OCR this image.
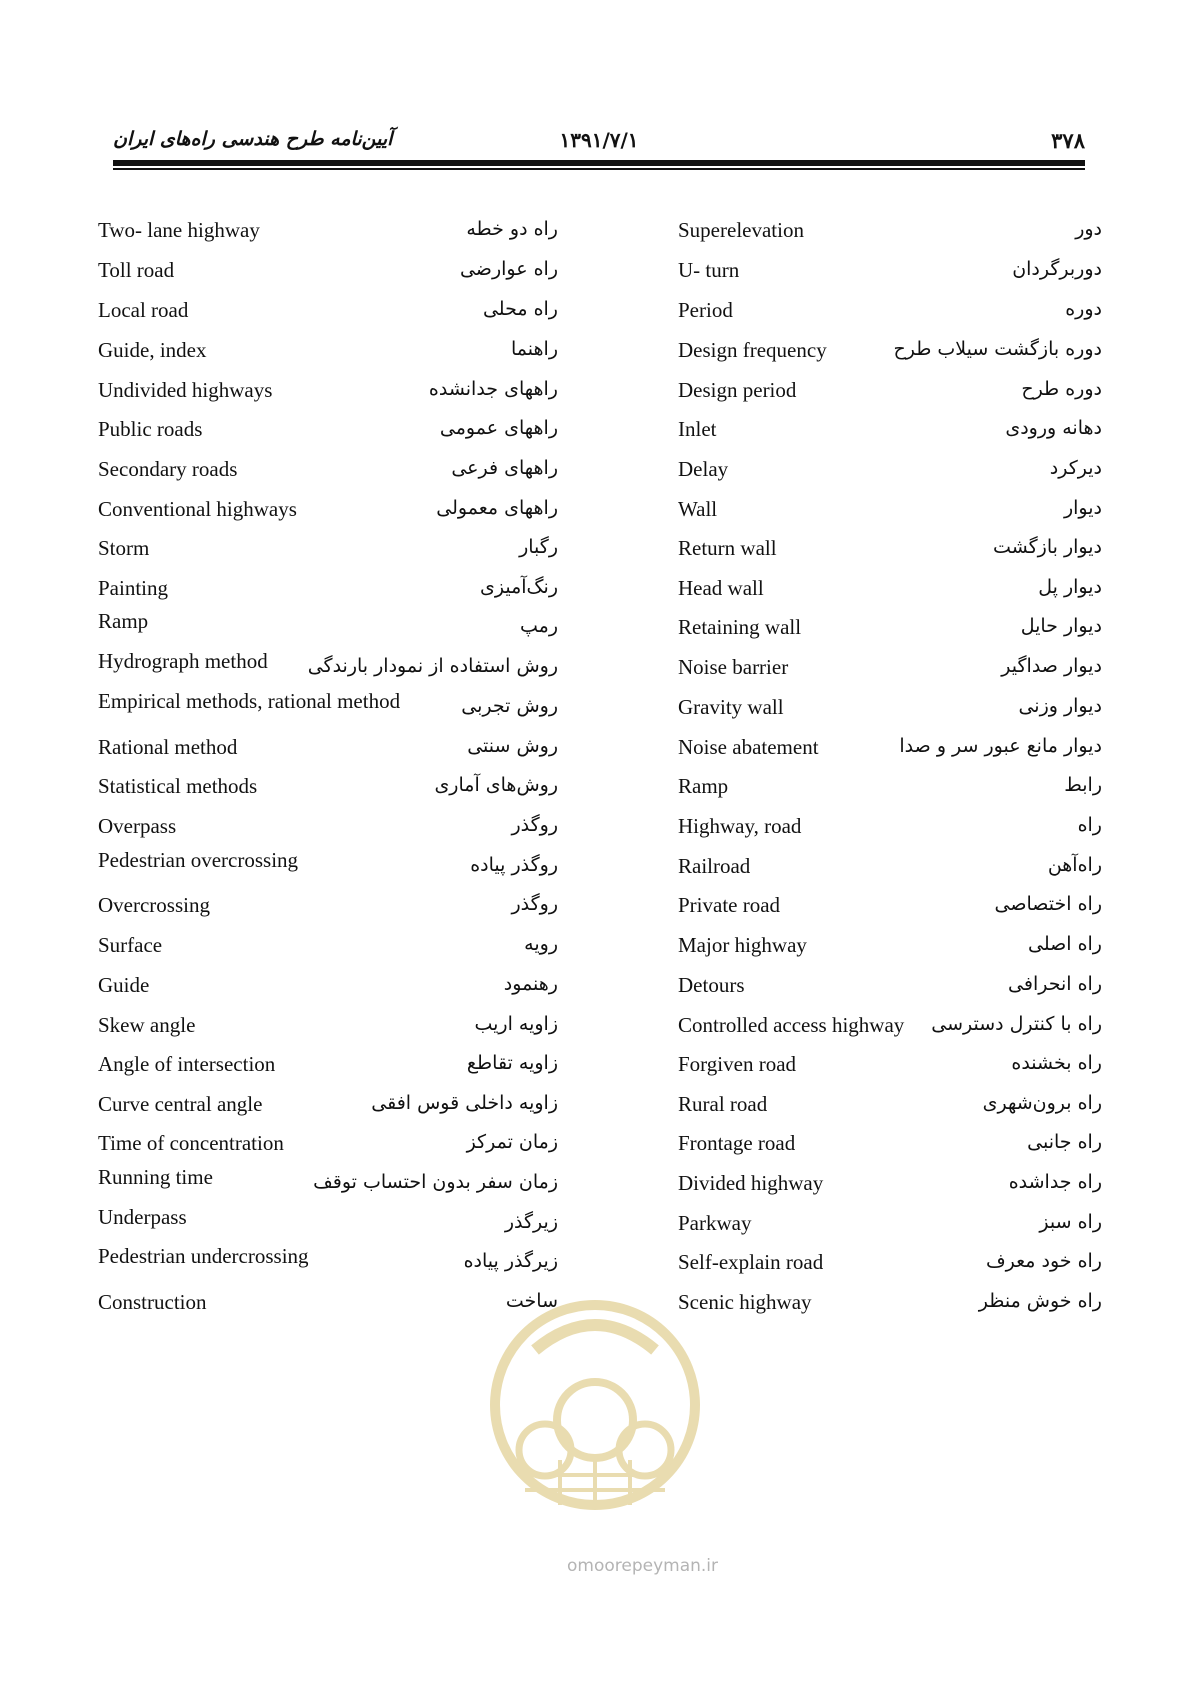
۳۷۸
۱۳۹۱/۷/۱
آیین‌نامه طرح هندسی راه‌های ایران
Two- lane highway	راه دو خطه	Superelevation	دور
Toll road	راه عوارضی	U- turn	دوربرگردان
Local road	راه محلی	Period	دوره
Guide, index	راهنما	Design frequency	دوره بازگشت سیلاب طرح
Undivided highways	راههای جدانشده	Design period	دوره طرح
Public roads	راههای عمومی	Inlet	دهانه ورودی
Secondary roads	راههای فرعی	Delay	دیرکرد
Conventional highways	راههای معمولی	Wall	دیوار
Storm	رگبار	Return wall	دیوار بازگشت
Painting	رنگ‌آمیزی	Head wall	دیوار پل
Ramp	رمپ	Retaining wall	دیوار حایل
Hydrograph method روش استفاده از نمودار بارندگی	Noise barrier	دیوار صداگیر
Empirical methods, rational method	روش تجربی	Gravity wall	دیوار وزنی
Rational method	روش سنتی	Noise abatement	دیوار مانع عبور سر و صدا
Statistical methods	روش‌های آماری	Ramp	رابط
Overpass	روگذر	Highway, road	راه
Pedestrian overcrossing	روگذر پیاده	Railroad	راه‌آهن
Overcrossing	روگذر	Private road	راه اختصاصی
Surface	رویه	Major highway	راه اصلی
Guide	رهنمود	Detours	راه انحرافی
Skew angle	زاویه اریب	Controlled access highway راه با کنترل دسترسی
Angle of intersection	زاویه تقاطع	Forgiven road	راه بخشنده
Curve central angle	زاویه داخلی قوس افقی	Rural road	راه برون‌شهری
Time of concentration	زمان تمرکز	Frontage road	راه جانبی
Running time	زمان سفر بدون احتساب توقف	Divided highway	راه جداشده
Underpass	زیرگذر	Parkway	راه سبز
Pedestrian undercrossing	زیرگذر پیاده	Self-explain road	راه خود معرف
Construction	ساخت	Scenic highway	راه خوش منظر
omoorepeyman.ir
